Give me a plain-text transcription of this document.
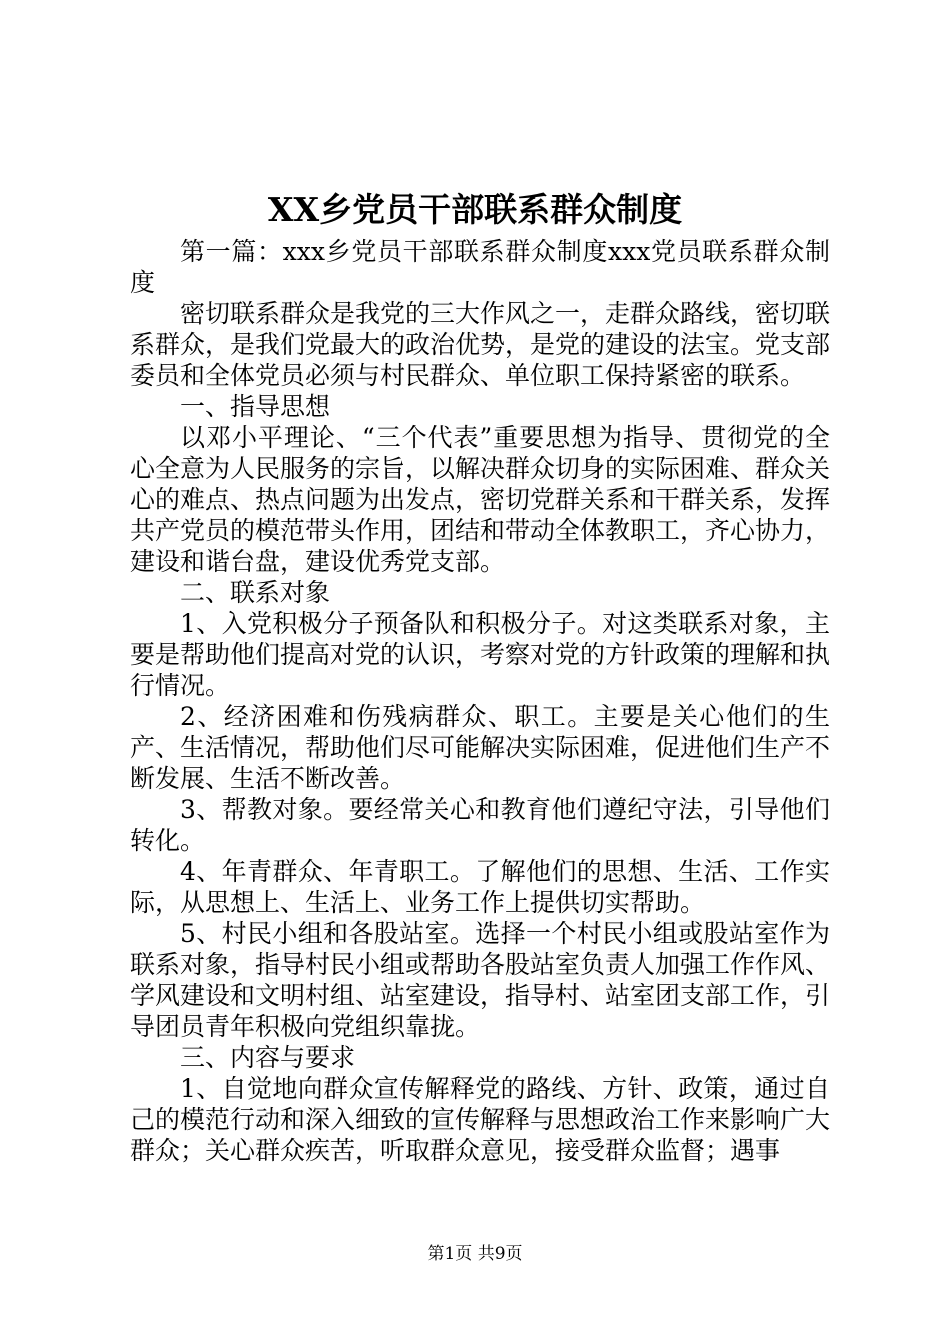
XX乡党员干部联系群众制度

第一篇：xxx乡党员干部联系群众制度xxx党员联系群众制度

密切联系群众是我党的三大作风之一，走群众路线，密切联系群众，是我们党最大的政治优势，是党的建设的法宝。党支部委员和全体党员必须与村民群众、单位职工保持紧密的联系。

一、指导思想

以邓小平理论、“三个代表”重要思想为指导、贯彻党的全心全意为人民服务的宗旨，以解决群众切身的实际困难、群众关心的难点、热点问题为出发点，密切党群关系和干群关系，发挥共产党员的模范带头作用，团结和带动全体教职工，齐心协力，建设和谐台盘，建设优秀党支部。

二、联系对象

1、入党积极分子预备队和积极分子。对这类联系对象，主要是帮助他们提高对党的认识，考察对党的方针政策的理解和执行情况。

2、经济困难和伤残病群众、职工。主要是关心他们的生产、生活情况，帮助他们尽可能解决实际困难，促进他们生产不断发展、生活不断改善。

3、帮教对象。要经常关心和教育他们遵纪守法，引导他们转化。

4、年青群众、年青职工。了解他们的思想、生活、工作实际，从思想上、生活上、业务工作上提供切实帮助。

5、村民小组和各股站室。选择一个村民小组或股站室作为联系对象，指导村民小组或帮助各股站室负责人加强工作作风、学风建设和文明村组、站室建设，指导村、站室团支部工作，引导团员青年积极向党组织靠拢。

三、内容与要求

1、自觉地向群众宣传解释党的路线、方针、政策，通过自己的模范行动和深入细致的宣传解释与思想政治工作来影响广大群众；关心群众疾苦，听取群众意见，接受群众监督；遇事

第1页 共9页
